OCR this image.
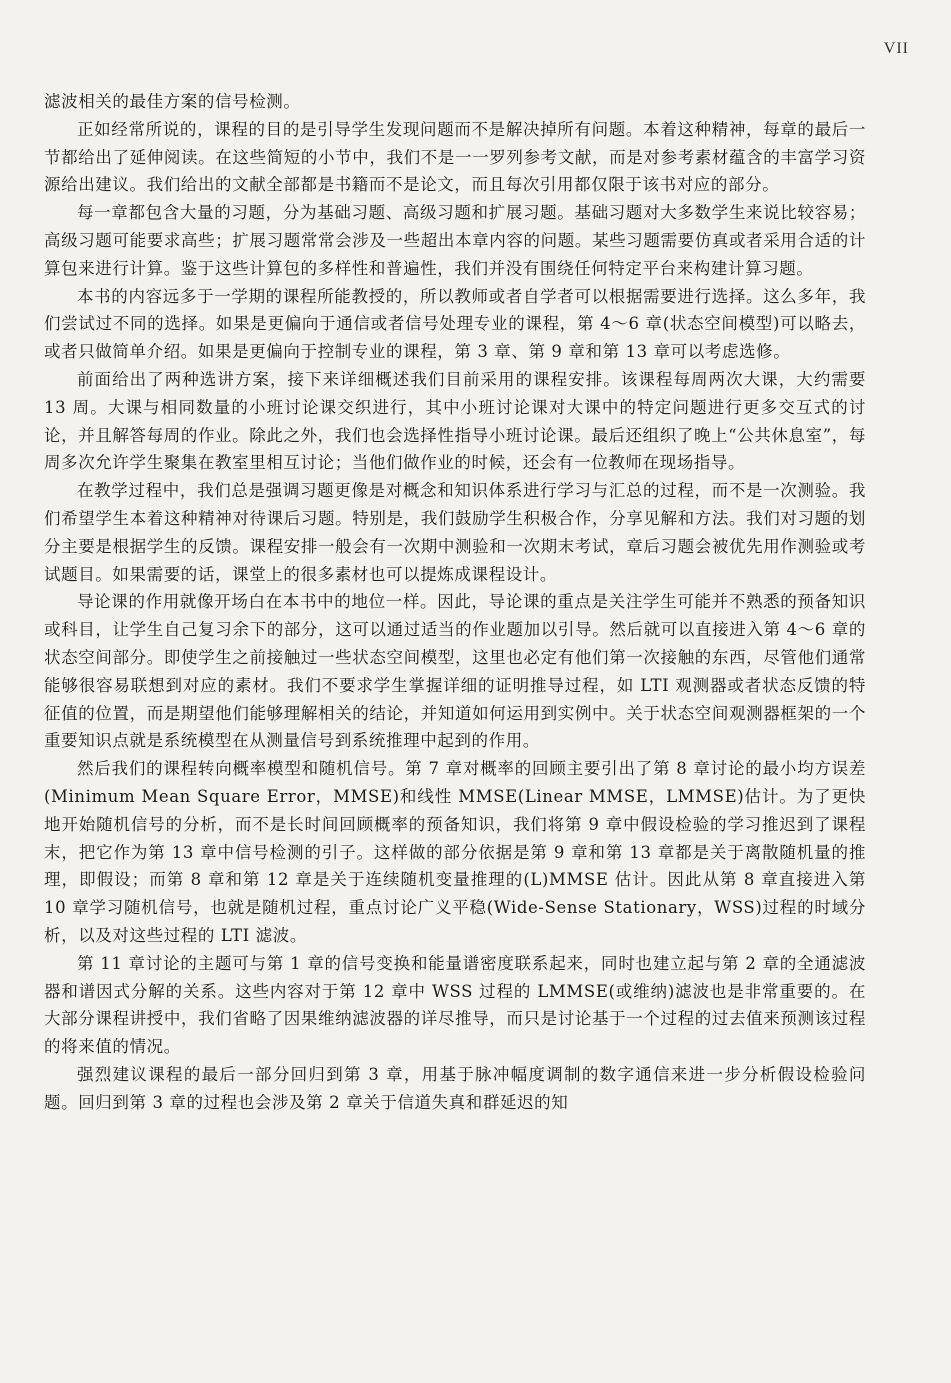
VII

滤波相关的最佳方案的信号检测。

正如经常所说的，课程的目的是引导学生发现问题而不是解决掉所有问题。本着这种精神，每章的最后一节都给出了延伸阅读。在这些简短的小节中，我们不是一一罗列参考文献，而是对参考素材蕴含的丰富学习资源给出建议。我们给出的文献全部都是书籍而不是论文，而且每次引用都仅限于该书对应的部分。

每一章都包含大量的习题，分为基础习题、高级习题和扩展习题。基础习题对大多数学生来说比较容易；高级习题可能要求高些；扩展习题常常会涉及一些超出本章内容的问题。某些习题需要仿真或者采用合适的计算包来进行计算。鉴于这些计算包的多样性和普遍性，我们并没有围绕任何特定平台来构建计算习题。

本书的内容远多于一学期的课程所能教授的，所以教师或者自学者可以根据需要进行选择。这么多年，我们尝试过不同的选择。如果是更偏向于通信或者信号处理专业的课程，第 4～6 章(状态空间模型)可以略去，或者只做简单介绍。如果是更偏向于控制专业的课程，第 3 章、第 9 章和第 13 章可以考虑选修。

前面给出了两种选讲方案，接下来详细概述我们目前采用的课程安排。该课程每周两次大课，大约需要 13 周。大课与相同数量的小班讨论课交织进行，其中小班讨论课对大课中的特定问题进行更多交互式的讨论，并且解答每周的作业。除此之外，我们也会选择性指导小班讨论课。最后还组织了晚上“公共休息室”，每周多次允许学生聚集在教室里相互讨论；当他们做作业的时候，还会有一位教师在现场指导。

在教学过程中，我们总是强调习题更像是对概念和知识体系进行学习与汇总的过程，而不是一次测验。我们希望学生本着这种精神对待课后习题。特别是，我们鼓励学生积极合作，分享见解和方法。我们对习题的划分主要是根据学生的反馈。课程安排一般会有一次期中测验和一次期末考试，章后习题会被优先用作测验或考试题目。如果需要的话，课堂上的很多素材也可以提炼成课程设计。

导论课的作用就像开场白在本书中的地位一样。因此，导论课的重点是关注学生可能并不熟悉的预备知识或科目，让学生自己复习余下的部分，这可以通过适当的作业题加以引导。然后就可以直接进入第 4～6 章的状态空间部分。即使学生之前接触过一些状态空间模型，这里也必定有他们第一次接触的东西，尽管他们通常能够很容易联想到对应的素材。我们不要求学生掌握详细的证明推导过程，如 LTI 观测器或者状态反馈的特征值的位置，而是期望他们能够理解相关的结论，并知道如何运用到实例中。关于状态空间观测器框架的一个重要知识点就是系统模型在从测量信号到系统推理中起到的作用。

然后我们的课程转向概率模型和随机信号。第 7 章对概率的回顾主要引出了第 8 章讨论的最小均方误差(Minimum Mean Square Error，MMSE)和线性 MMSE(Linear MMSE，LMMSE)估计。为了更快地开始随机信号的分析，而不是长时间回顾概率的预备知识，我们将第 9 章中假设检验的学习推迟到了课程末，把它作为第 13 章中信号检测的引子。这样做的部分依据是第 9 章和第 13 章都是关于离散随机量的推理，即假设；而第 8 章和第 12 章是关于连续随机变量推理的(L)MMSE 估计。因此从第 8 章直接进入第 10 章学习随机信号，也就是随机过程，重点讨论广义平稳(Wide-Sense Stationary，WSS)过程的时域分析，以及对这些过程的 LTI 滤波。

第 11 章讨论的主题可与第 1 章的信号变换和能量谱密度联系起来，同时也建立起与第 2 章的全通滤波器和谱因式分解的关系。这些内容对于第 12 章中 WSS 过程的 LMMSE(或维纳)滤波也是非常重要的。在大部分课程讲授中，我们省略了因果维纳滤波器的详尽推导，而只是讨论基于一个过程的过去值来预测该过程的将来值的情况。

强烈建议课程的最后一部分回归到第 3 章，用基于脉冲幅度调制的数字通信来进一步分析假设检验问题。回归到第 3 章的过程也会涉及第 2 章关于信道失真和群延迟的知
